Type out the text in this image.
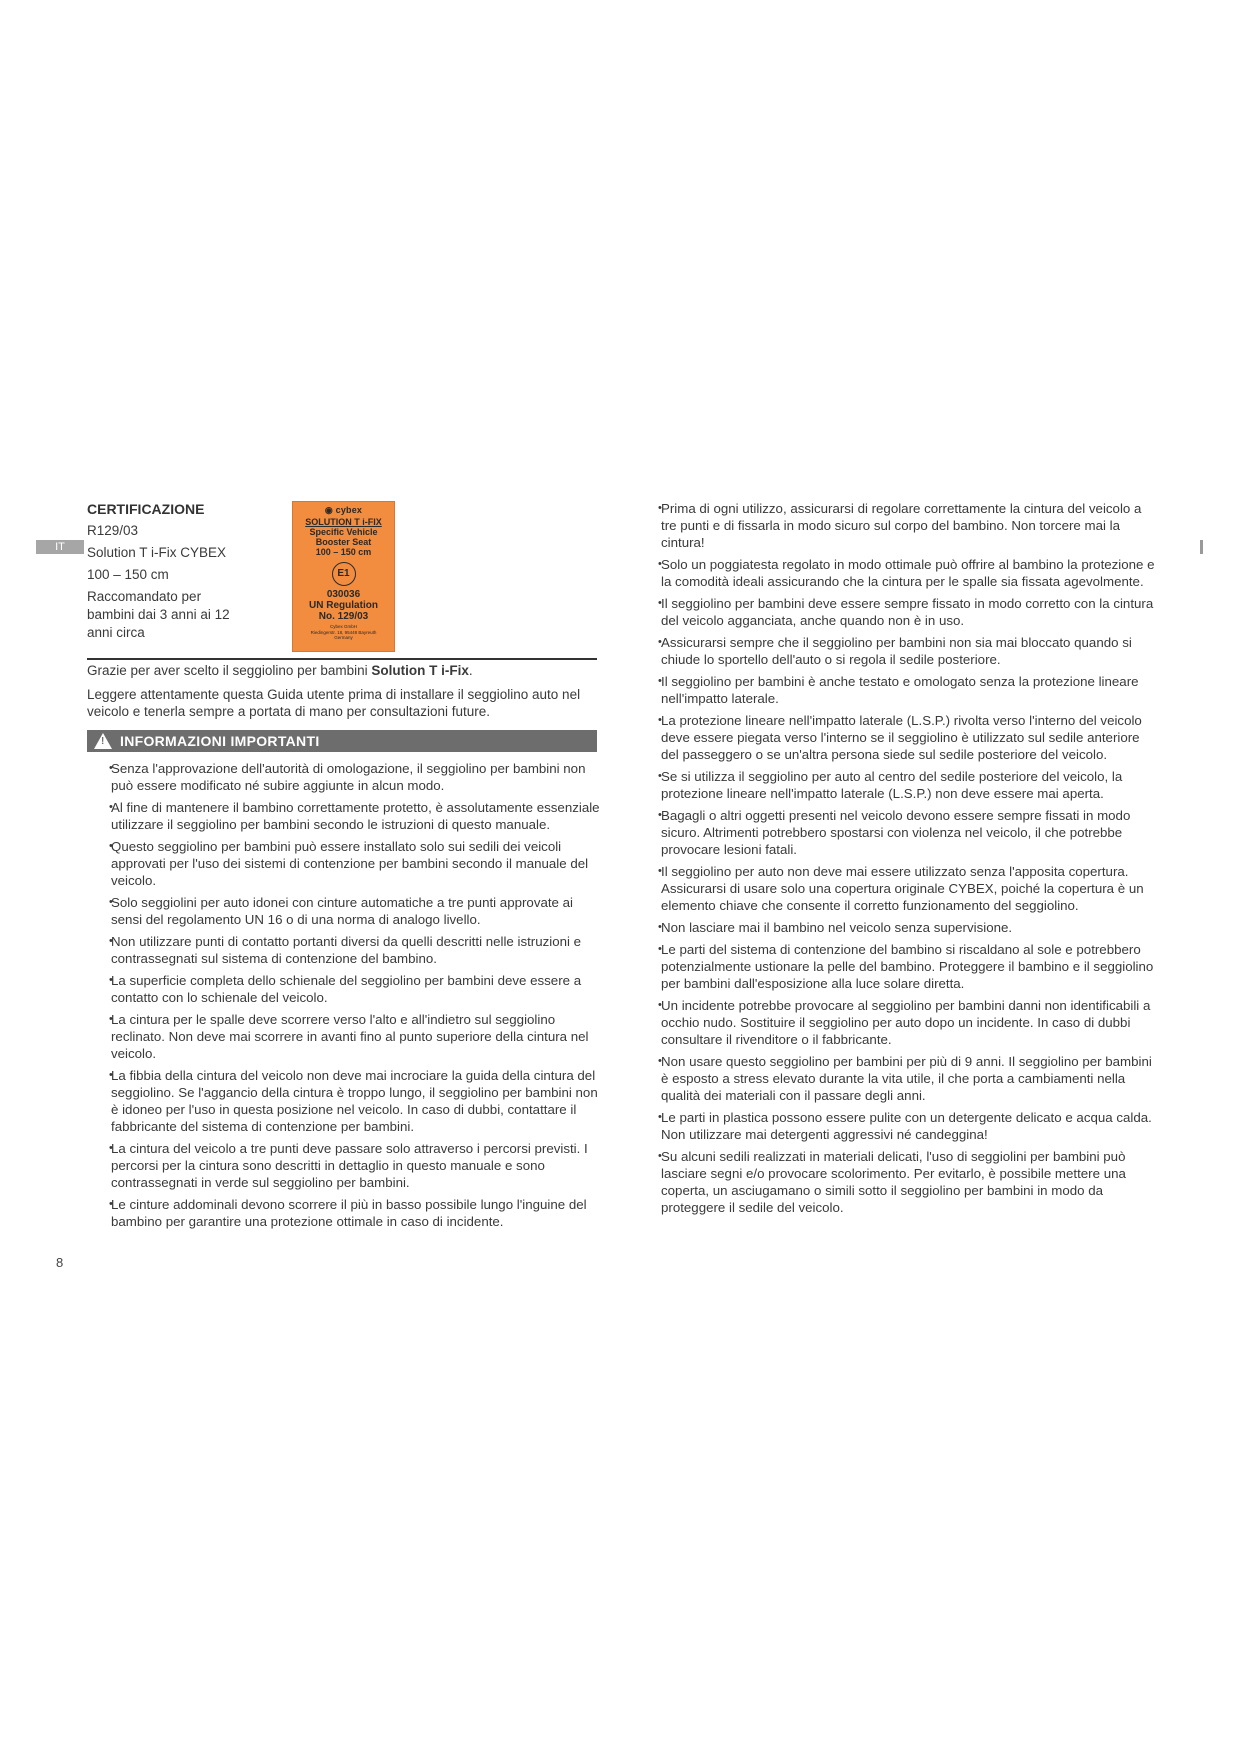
IT
CERTIFICAZIONE
R129/03
Solution T i-Fix CYBEX
100 – 150 cm
Raccomandato per
bambini dai 3 anni ai 12
anni circa
◉ cybex
SOLUTION T i-FIX
Specific Vehicle
Booster Seat
100 – 150 cm
E1
030036
UN Regulation
No. 129/03
Cybex GmbH
Riedingerstr. 18, 95448 Bayreuth
Germany

Grazie per aver scelto il seggiolino per bambini Solution T i-Fix.

Leggere attentamente questa Guida utente prima di installare il seggiolino auto nel veicolo e tenerla sempre a portata di mano per consultazioni future.

! INFORMAZIONI IMPORTANTI
• Senza l'approvazione dell'autorità di omologazione, il seggiolino per bambini non può essere modificato né subire aggiunte in alcun modo.
• Al fine di mantenere il bambino correttamente protetto, è assolutamente essenziale utilizzare il seggiolino per bambini secondo le istruzioni di questo manuale.
• Questo seggiolino per bambini può essere installato solo sui sedili dei veicoli approvati per l'uso dei sistemi di contenzione per bambini secondo il manuale del veicolo.
• Solo seggiolini per auto idonei con cinture automatiche a tre punti approvate ai sensi del regolamento UN 16 o di una norma di analogo livello.
• Non utilizzare punti di contatto portanti diversi da quelli descritti nelle istruzioni e contrassegnati sul sistema di contenzione del bambino.
• La superficie completa dello schienale del seggiolino per bambini deve essere a contatto con lo schienale del veicolo.
• La cintura per le spalle deve scorrere verso l'alto e all'indietro sul seggiolino reclinato. Non deve mai scorrere in avanti fino al punto superiore della cintura nel veicolo.
• La fibbia della cintura del veicolo non deve mai incrociare la guida della cintura del seggiolino. Se l'aggancio della cintura è troppo lungo, il seggiolino per bambini non è idoneo per l'uso in questa posizione nel veicolo. In caso di dubbi, contattare il fabbricante del sistema di contenzione per bambini.
• La cintura del veicolo a tre punti deve passare solo attraverso i percorsi previsti. I percorsi per la cintura sono descritti in dettaglio in questo manuale e sono contrassegnati in verde sul seggiolino per bambini.
• Le cinture addominali devono scorrere il più in basso possibile lungo l'inguine del bambino per garantire una protezione ottimale in caso di incidente.
• Prima di ogni utilizzo, assicurarsi di regolare correttamente la cintura del veicolo a tre punti e di fissarla in modo sicuro sul corpo del bambino. Non torcere mai la cintura!
• Solo un poggiatesta regolato in modo ottimale può offrire al bambino la protezione e la comodità ideali assicurando che la cintura per le spalle sia fissata agevolmente.
• Il seggiolino per bambini deve essere sempre fissato in modo corretto con la cintura del veicolo agganciata, anche quando non è in uso.
• Assicurarsi sempre che il seggiolino per bambini non sia mai bloccato quando si chiude lo sportello dell'auto o si regola il sedile posteriore.
• Il seggiolino per bambini è anche testato e omologato senza la protezione lineare nell'impatto laterale.
• La protezione lineare nell'impatto laterale (L.S.P.) rivolta verso l'interno del veicolo deve essere piegata verso l'interno se il seggiolino è utilizzato sul sedile anteriore del passeggero o se un'altra persona siede sul sedile posteriore del veicolo.
• Se si utilizza il seggiolino per auto al centro del sedile posteriore del veicolo, la protezione lineare nell'impatto laterale (L.S.P.) non deve essere mai aperta.
• Bagagli o altri oggetti presenti nel veicolo devono essere sempre fissati in modo sicuro. Altrimenti potrebbero spostarsi con violenza nel veicolo, il che potrebbe provocare lesioni fatali.
• Il seggiolino per auto non deve mai essere utilizzato senza l'apposita copertura. Assicurarsi di usare solo una copertura originale CYBEX, poiché la copertura è un elemento chiave che consente il corretto funzionamento del seggiolino.
• Non lasciare mai il bambino nel veicolo senza supervisione.
• Le parti del sistema di contenzione del bambino si riscaldano al sole e potrebbero potenzialmente ustionare la pelle del bambino. Proteggere il bambino e il seggiolino per bambini dall'esposizione alla luce solare diretta.
• Un incidente potrebbe provocare al seggiolino per bambini danni non identificabili a occhio nudo. Sostituire il seggiolino per auto dopo un incidente. In caso di dubbi consultare il rivenditore o il fabbricante.
• Non usare questo seggiolino per bambini per più di 9 anni. Il seggiolino per bambini è esposto a stress elevato durante la vita utile, il che porta a cambiamenti nella qualità dei materiali con il passare degli anni.
• Le parti in plastica possono essere pulite con un detergente delicato e acqua calda. Non utilizzare mai detergenti aggressivi né candeggina!
• Su alcuni sedili realizzati in materiali delicati, l'uso di seggiolini per bambini può lasciare segni e/o provocare scolorimento. Per evitarlo, è possibile mettere una coperta, un asciugamano o simili sotto il seggiolino per bambini in modo da proteggere il sedile del veicolo.
8
